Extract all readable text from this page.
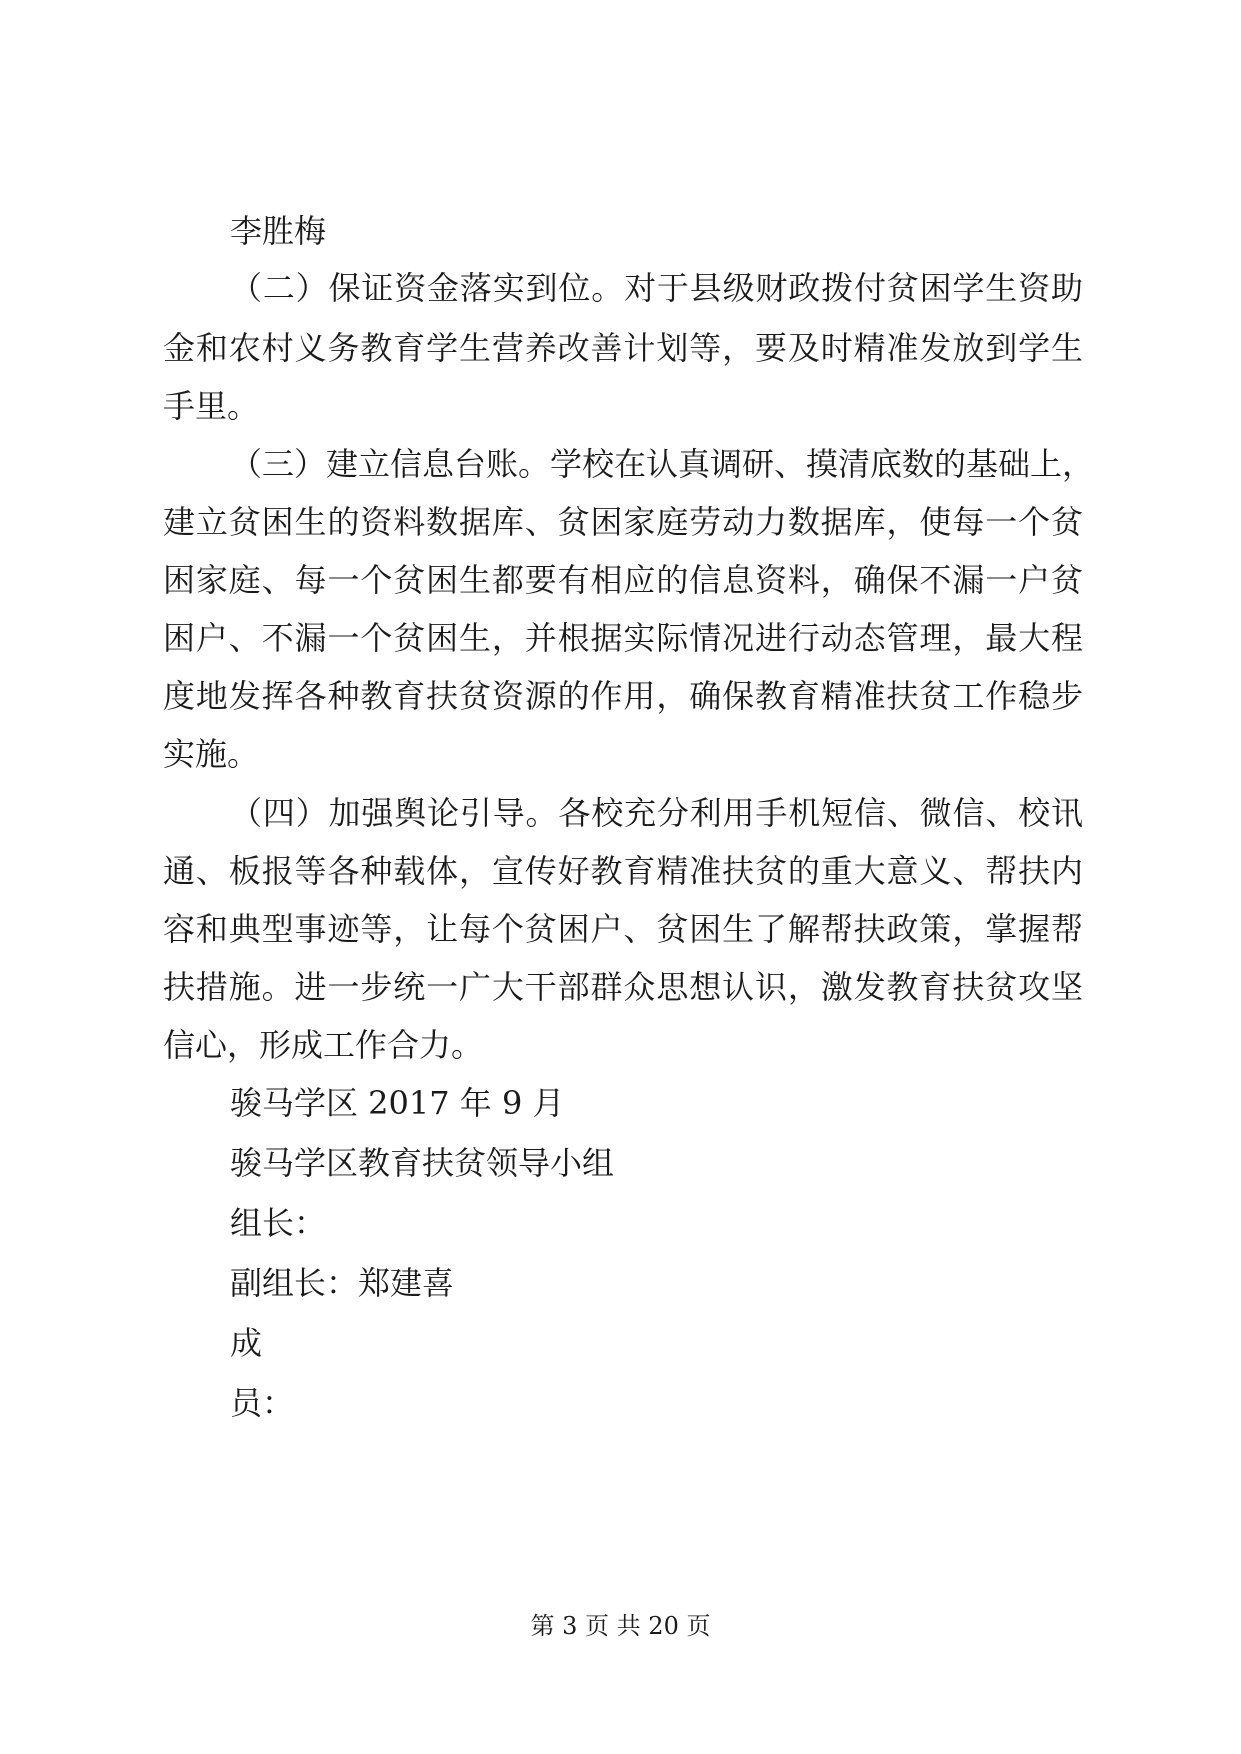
李胜梅

（二）保证资金落实到位。对于县级财政拨付贫困学生资助

金和农村义务教育学生营养改善计划等，要及时精准发放到学生

手里。

（三）建立信息台账。学校在认真调研、摸清底数的基础上，

建立贫困生的资料数据库、贫困家庭劳动力数据库，使每一个贫

困家庭、每一个贫困生都要有相应的信息资料，确保不漏一户贫

困户、不漏一个贫困生，并根据实际情况进行动态管理，最大程

度地发挥各种教育扶贫资源的作用，确保教育精准扶贫工作稳步

实施。

（四）加强舆论引导。各校充分利用手机短信、微信、校讯

通、板报等各种载体，宣传好教育精准扶贫的重大意义、帮扶内

容和典型事迹等，让每个贫困户、贫困生了解帮扶政策，掌握帮

扶措施。进一步统一广大干部群众思想认识，激发教育扶贫攻坚

信心，形成工作合力。

骏马学区 2017 年 9 月

骏马学区教育扶贫领导小组

组长：

副组长：郑建喜

成

员：

第 3 页 共 20 页
